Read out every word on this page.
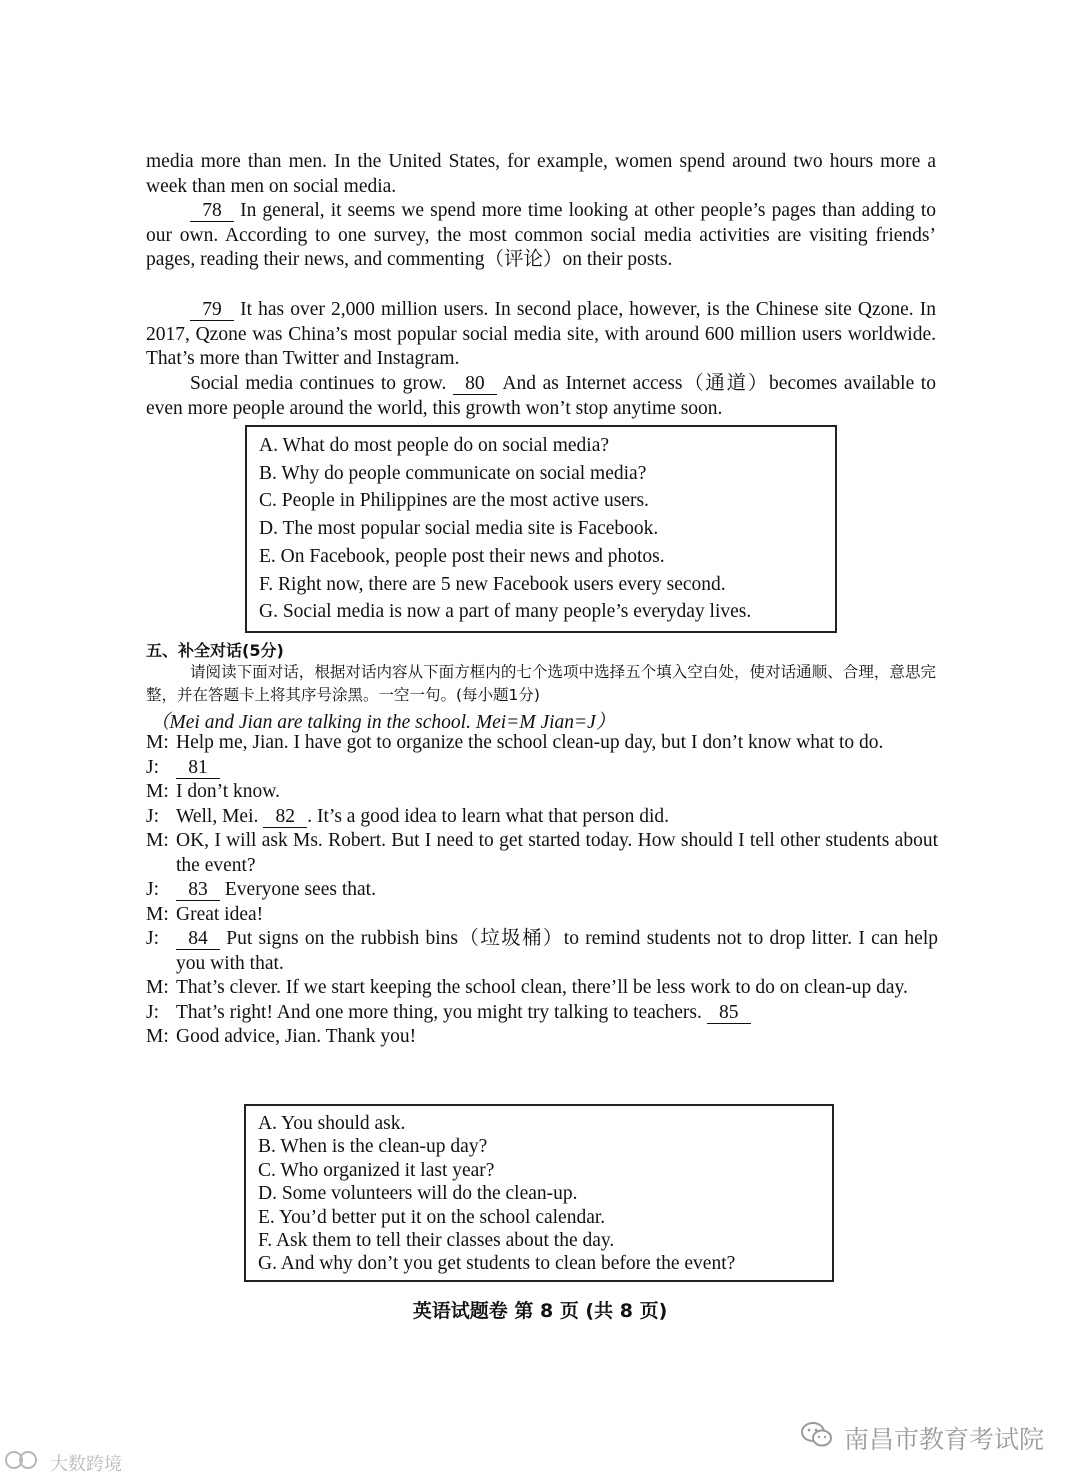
media more than men. In the United States, for example, women spend around two hours more a week than men on social media.

78 In general, it seems we spend more time looking at other people’s pages than adding to our own. According to one survey, the most common social media activities are visiting friends’ pages, reading their news, and commenting（评论）on their posts.

79 It has over 2,000 million users. In second place, however, is the Chinese site Qzone. In 2017, Qzone was China’s most popular social media site, with around 600 million users worldwide. That’s more than Twitter and Instagram.

Social media continues to grow. 80 And as Internet access（通道）becomes available to even more people around the world, this growth won’t stop anytime soon.

A. What do most people do on social media?
B. Why do people communicate on social media?
C. People in Philippines are the most active users.
D. The most popular social media site is Facebook.
E. On Facebook, people post their news and photos.
F. Right now, there are 5 new Facebook users every second.
G. Social media is now a part of many people’s everyday lives.
五、补全对话(5分)
请阅读下面对话，根据对话内容从下面方框内的七个选项中选择五个填入空白处，使对话通顺、合理，意思完整，并在答题卡上将其序号涂黑。一空一句。(每小题1分)
（Mei and Jian are talking in the school. Mei=M Jian=J）
M: Help me, Jian. I have got to organize the school clean-up day, but I don’t know what to do.
J:	81
M: I don’t know.
J: Well, Mei. 82 . It’s a good idea to learn what that person did.
M: OK, I will ask Ms. Robert. But I need to get started today. How should I tell other students about the event?
J:	83 Everyone sees that.
M: Great idea!
J:	84 Put signs on the rubbish bins（垃圾桶）to remind students not to drop litter. I can help you with that.
M: That’s clever. If we start keeping the school clean, there’ll be less work to do on clean-up day.
J: That’s right! And one more thing, you might try talking to teachers. 85
M: Good advice, Jian. Thank you!
A. You should ask.
B. When is the clean-up day?
C. Who organized it last year?
D. Some volunteers will do the clean-up.
E. You’d better put it on the school calendar.
F. Ask them to tell their classes about the day.
G. And why don’t you get students to clean before the event?
英语试题卷 第 8 页 (共 8 页)
南昌市教育考试院
大数跨境
